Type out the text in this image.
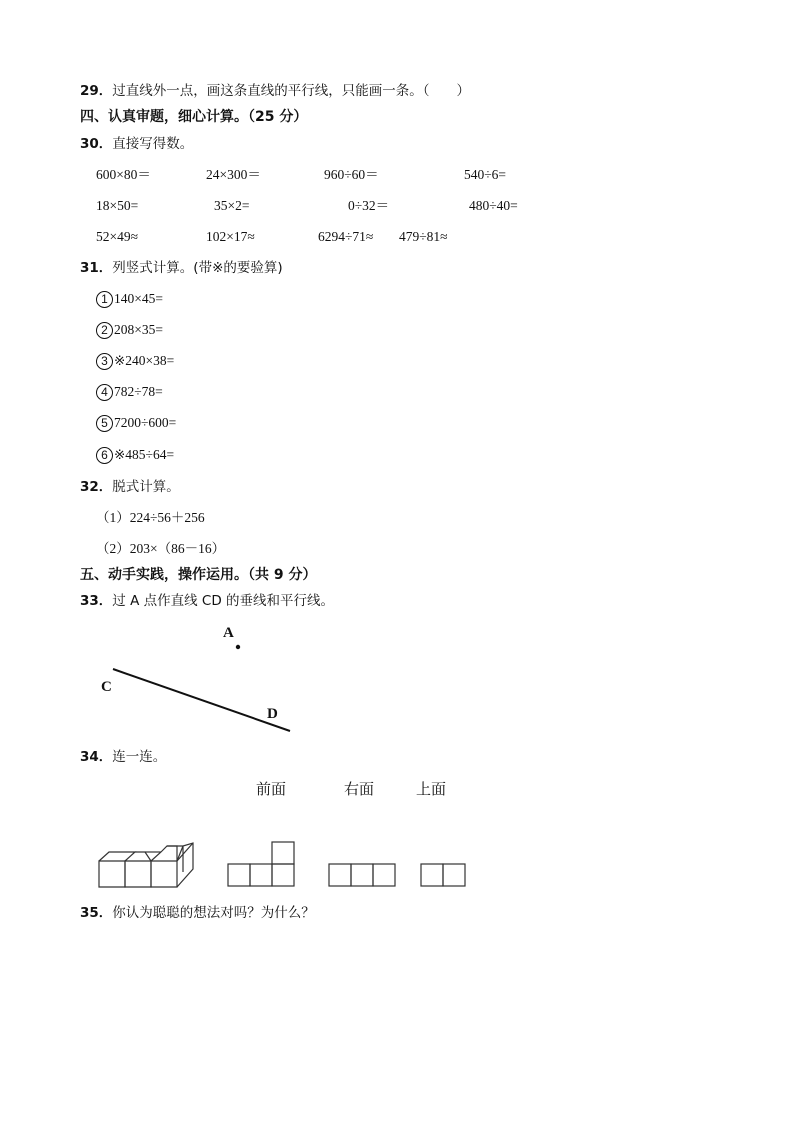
29．过直线外一点，画这条直线的平行线，只能画一条。（　　）
四、认真审题，细心计算。（25 分）
30．直接写得数。
600×80＝	24×300＝	960÷60＝	540÷6=
18×50=	35×2=	0÷32＝	480÷40=
52×49≈	102×17≈	6294÷71≈ 479÷81≈
31．列竖式计算。(带※的要验算)
1 140×45=
2 208×35=
3 ※240×38=
4 782÷78=
5 7200÷600=
6 ※485÷64=
32．脱式计算。
（1）224÷56＋256
（2）203×（86－16）
五、动手实践，操作运用。（共 9 分）
33．过 A 点作直线 CD 的垂线和平行线。
A
C
D
34．连一连。
前面	右面	上面
35．你认为聪聪的想法对吗？为什么？
